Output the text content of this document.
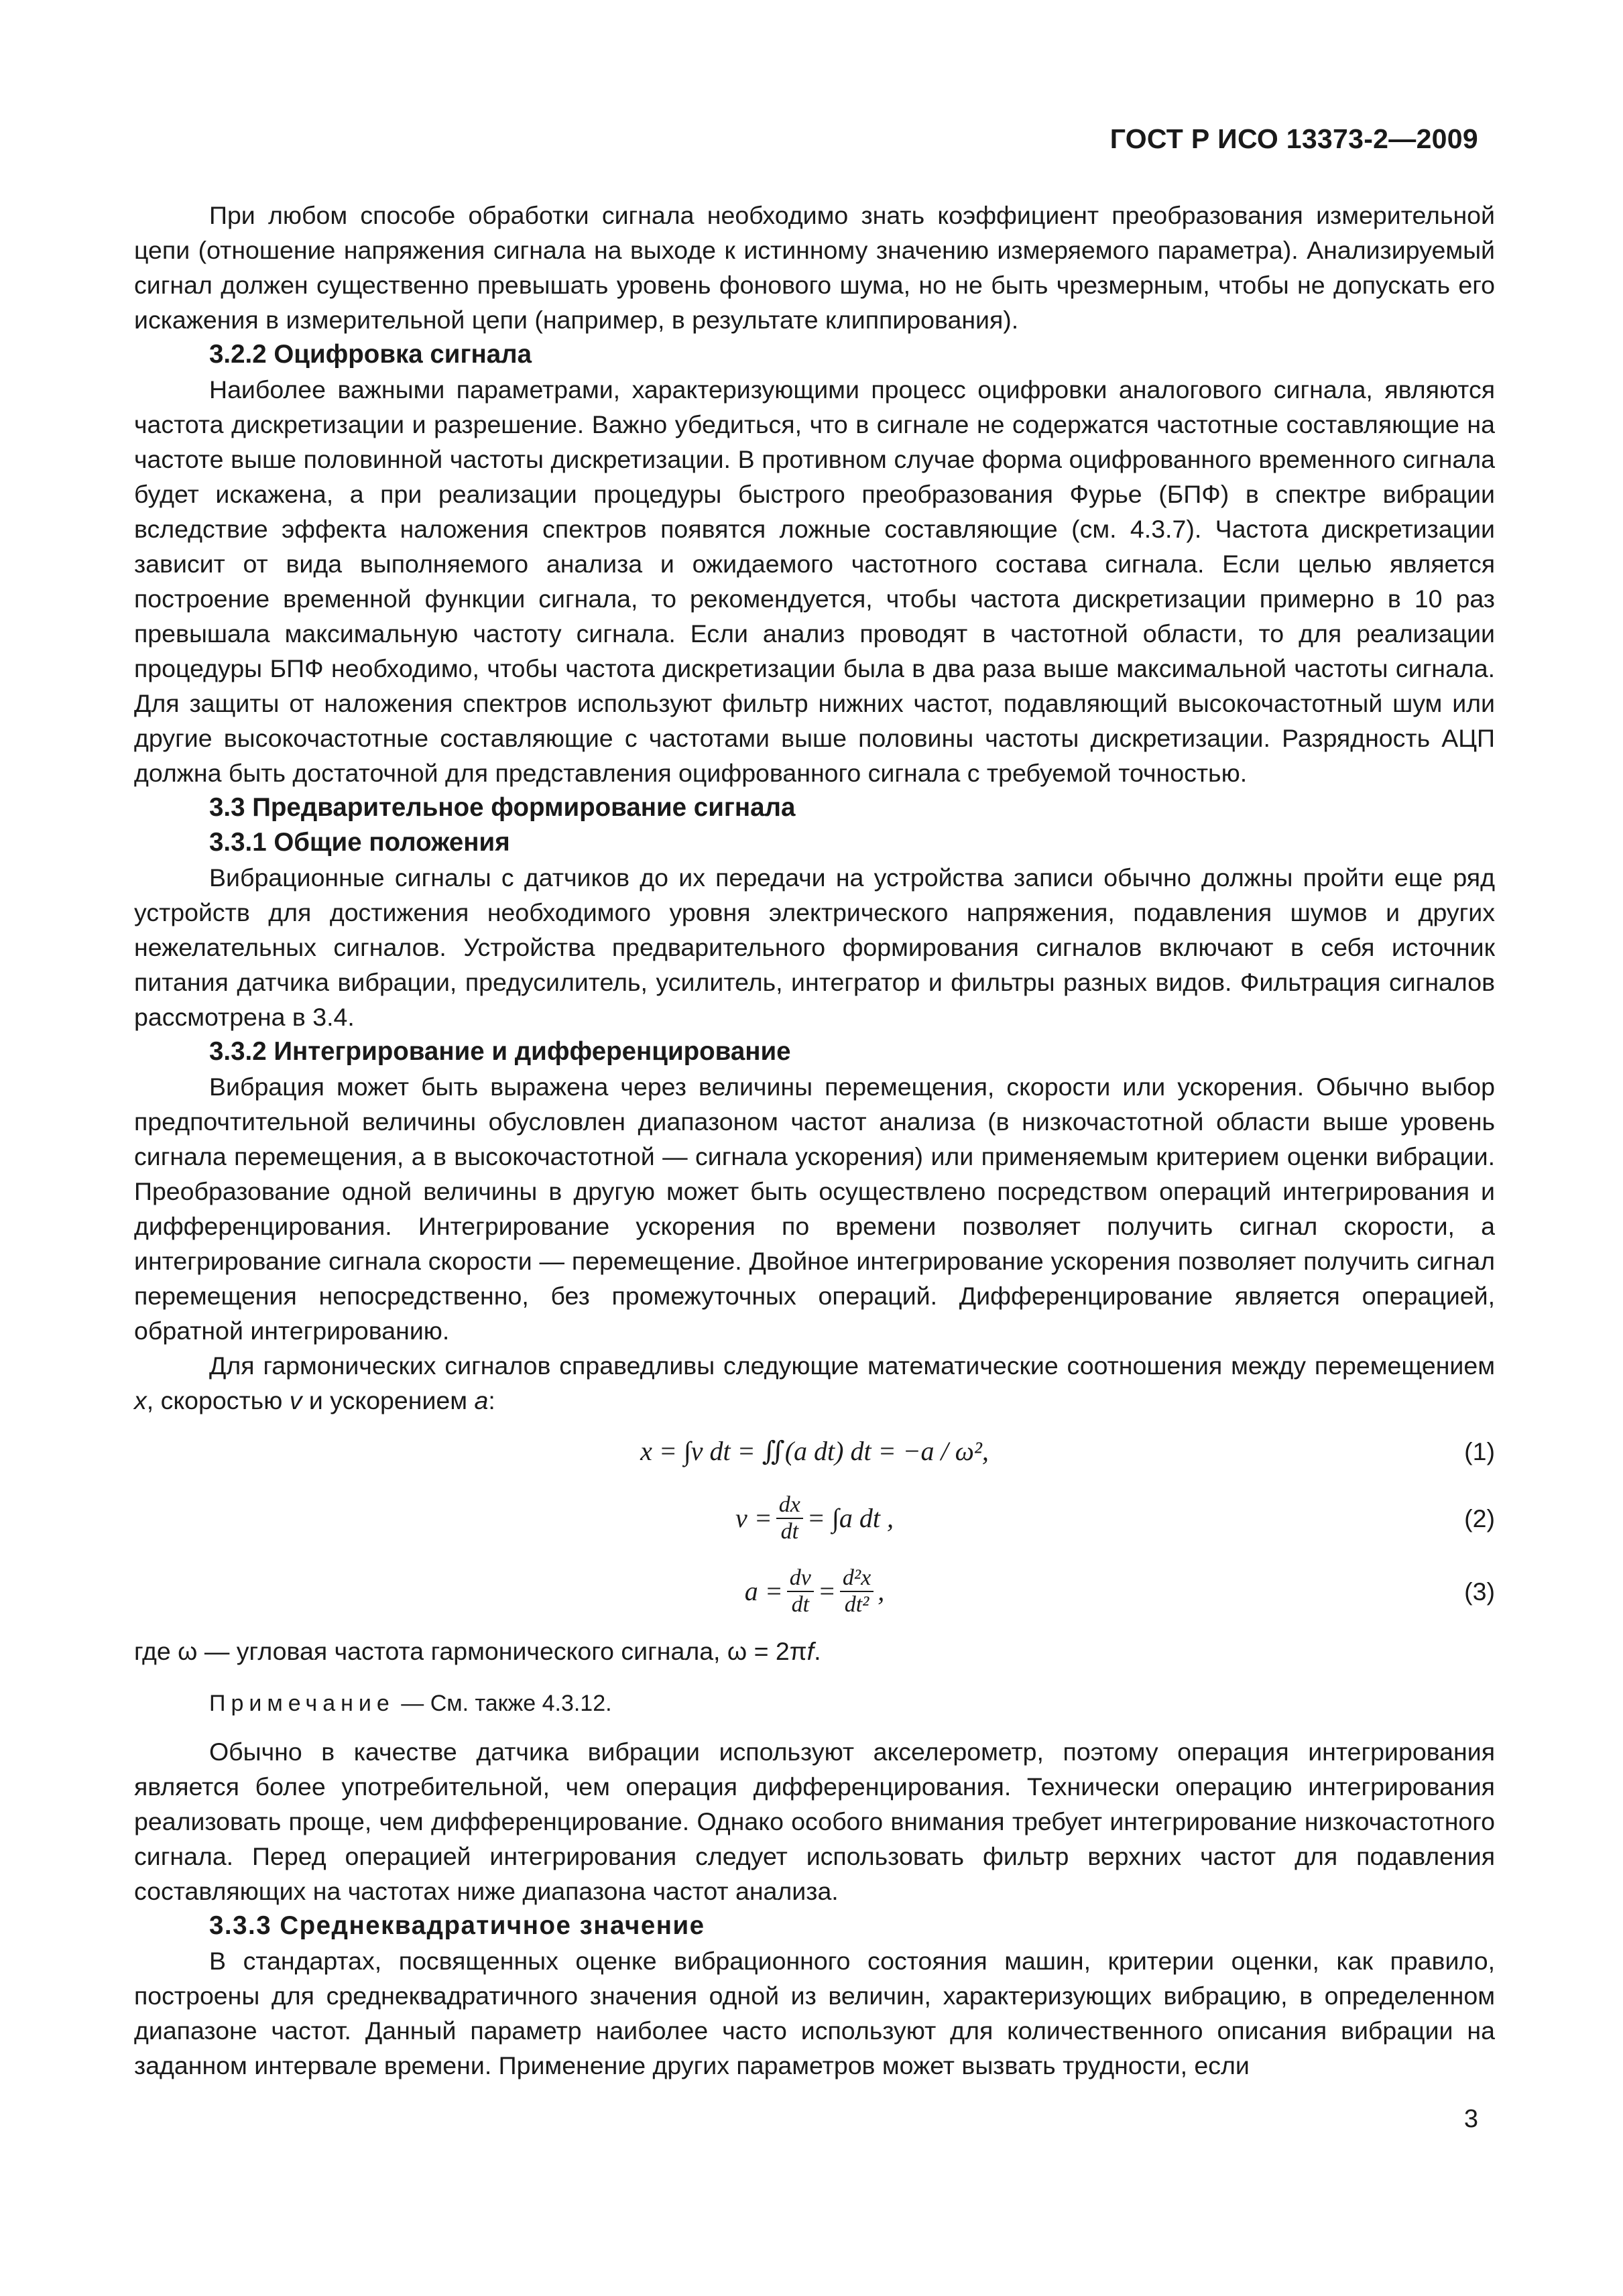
ГОСТ Р ИСО 13373-2—2009

При любом способе обработки сигнала необходимо знать коэффициент преобразования измерительной цепи (отношение напряжения сигнала на выходе к истинному значению измеряемого параметра). Анализируемый сигнал должен существенно превышать уровень фонового шума, но не быть чрезмерным, чтобы не допускать его искажения в измерительной цепи (например, в результате клиппирования).

3.2.2 Оцифровка сигнала

Наиболее важными параметрами, характеризующими процесс оцифровки аналогового сигнала, являются частота дискретизации и разрешение. Важно убедиться, что в сигнале не содержатся частотные составляющие на частоте выше половинной частоты дискретизации. В противном случае форма оцифрованного временного сигнала будет искажена, а при реализации процедуры быстрого преобразования Фурье (БПФ) в спектре вибрации вследствие эффекта наложения спектров появятся ложные составляющие (см. 4.3.7). Частота дискретизации зависит от вида выполняемого анализа и ожидаемого частотного состава сигнала. Если целью является построение временной функции сигнала, то рекомендуется, чтобы частота дискретизации примерно в 10 раз превышала максимальную частоту сигнала. Если анализ проводят в частотной области, то для реализации процедуры БПФ необходимо, чтобы частота дискретизации была в два раза выше максимальной частоты сигнала. Для защиты от наложения спектров используют фильтр нижних частот, подавляющий высокочастотный шум или другие высокочастотные составляющие с частотами выше половины частоты дискретизации. Разрядность АЦП должна быть достаточной для представления оцифрованного сигнала с требуемой точностью.

3.3 Предварительное формирование сигнала

3.3.1 Общие положения

Вибрационные сигналы с датчиков до их передачи на устройства записи обычно должны пройти еще ряд устройств для достижения необходимого уровня электрического напряжения, подавления шумов и других нежелательных сигналов. Устройства предварительного формирования сигналов включают в себя источник питания датчика вибрации, предусилитель, усилитель, интегратор и фильтры разных видов. Фильтрация сигналов рассмотрена в 3.4.

3.3.2 Интегрирование и дифференцирование

Вибрация может быть выражена через величины перемещения, скорости или ускорения. Обычно выбор предпочтительной величины обусловлен диапазоном частот анализа (в низкочастотной области выше уровень сигнала перемещения, а в высокочастотной — сигнала ускорения) или применяемым критерием оценки вибрации. Преобразование одной величины в другую может быть осуществлено посредством операций интегрирования и дифференцирования. Интегрирование ускорения по времени позволяет получить сигнал скорости, а интегрирование сигнала скорости — перемещение. Двойное интегрирование ускорения позволяет получить сигнал перемещения непосредственно, без промежуточных операций. Дифференцирование является операцией, обратной интегрированию.

Для гармонических сигналов справедливы следующие математические соотношения между перемещением x, скоростью v и ускорением a:

x = ∫v dt = ∬(a dt) dt = −a / ω²,	(1)
$v = \frac{dx}{dt} = \int a$ dt ,	(2)
$a = \frac{dv}{dt} = \frac{\text{d²x}}{\text{dt²}}$ ,	(3)

где ω — угловая частота гармонического сигнала, ω = 2πf.

Примечание — См. также 4.3.12.

Обычно в качестве датчика вибрации используют акселерометр, поэтому операция интегрирования является более употребительной, чем операция дифференцирования. Технически операцию интегрирования реализовать проще, чем дифференцирование. Однако особого внимания требует интегрирование низкочастотного сигнала. Перед операцией интегрирования следует использовать фильтр верхних частот для подавления составляющих на частотах ниже диапазона частот анализа.

3.3.3 Среднеквадратичное значение

В стандартах, посвященных оценке вибрационного состояния машин, критерии оценки, как правило, построены для среднеквадратичного значения одной из величин, характеризующих вибрацию, в определенном диапазоне частот. Данный параметр наиболее часто используют для количественного описания вибрации на заданном интервале времени. Применение других параметров может вызвать трудности, если

3
